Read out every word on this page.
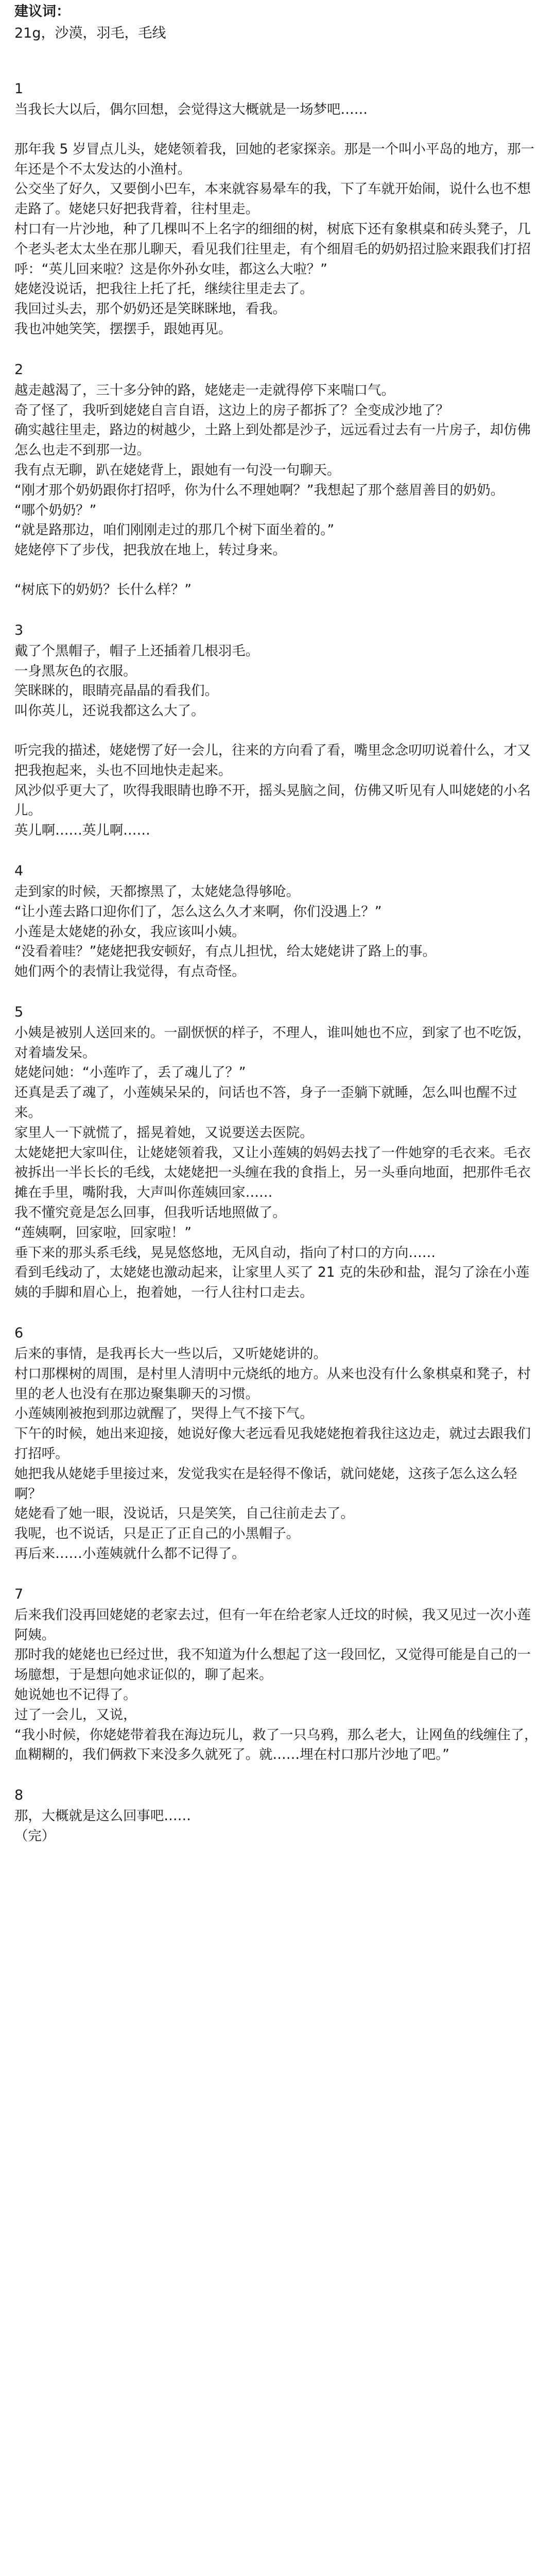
建议词：
21g，沙漠，羽毛，毛线
1

当我长大以后，偶尔回想，会觉得这大概就是一场梦吧……

那年我 5 岁冒点儿头，姥姥领着我，回她的老家探亲。那是一个叫小平岛的地方，那一年还是个不太发达的小渔村。

公交坐了好久，又要倒小巴车，本来就容易晕车的我，下了车就开始闹，说什么也不想走路了。姥姥只好把我背着，往村里走。

村口有一片沙地，种了几棵叫不上名字的细细的树，树底下还有象棋桌和砖头凳子，几个老头老太太坐在那儿聊天，看见我们往里走，有个细眉毛的奶奶招过脸来跟我们打招呼：“英儿回来啦？这是你外孙女哇，都这么大啦？”

姥姥没说话，把我往上托了托，继续往里走去了。

我回过头去，那个奶奶还是笑眯眯地，看我。

我也冲她笑笑，摆摆手，跟她再见。

2

越走越渴了，三十多分钟的路，姥姥走一走就得停下来喘口气。

奇了怪了，我听到姥姥自言自语，这边上的房子都拆了？全变成沙地了？

确实越往里走，路边的树越少，土路上到处都是沙子，远远看过去有一片房子，却仿佛怎么也走不到那一边。

我有点无聊，趴在姥姥背上，跟她有一句没一句聊天。

“刚才那个奶奶跟你打招呼，你为什么不理她啊？”我想起了那个慈眉善目的奶奶。

“哪个奶奶？”

“就是路那边，咱们刚刚走过的那几个树下面坐着的。”

姥姥停下了步伐，把我放在地上，转过身来。

“树底下的奶奶？长什么样？”

3

戴了个黑帽子，帽子上还插着几根羽毛。

一身黑灰色的衣服。

笑眯眯的，眼睛亮晶晶的看我们。

叫你英儿，还说我都这么大了。

听完我的描述，姥姥愣了好一会儿，往来的方向看了看，嘴里念念叨叨说着什么，才又把我抱起来，头也不回地快走起来。

风沙似乎更大了，吹得我眼睛也睁不开，摇头晃脑之间，仿佛又听见有人叫姥姥的小名儿。

英儿啊……英儿啊……

4

走到家的时候，天都擦黑了，太姥姥急得够呛。

“让小莲去路口迎你们了，怎么这么久才来啊，你们没遇上？”

小莲是太姥姥的孙女，我应该叫小姨。

“没看着哇？”姥姥把我安顿好，有点儿担忧，给太姥姥讲了路上的事。

她们两个的表情让我觉得，有点奇怪。

5

小姨是被别人送回来的。一副恹恹的样子，不理人，谁叫她也不应，到家了也不吃饭，对着墙发呆。

姥姥问她：“小莲咋了，丢了魂儿了？”

还真是丢了魂了，小莲姨呆呆的，问话也不答，身子一歪躺下就睡，怎么叫也醒不过来。

家里人一下就慌了，摇晃着她，又说要送去医院。

太姥姥把大家叫住，让姥姥领着我，又让小莲姨的妈妈去找了一件她穿的毛衣来。毛衣被拆出一半长长的毛线，太姥姥把一头缠在我的食指上，另一头垂向地面，把那件毛衣摊在手里，嘴附我，大声叫你莲姨回家……

我不懂究竟是怎么回事，但我听话地照做了。

“莲姨啊，回家啦，回家啦！”

垂下来的那头系毛线，晃晃悠悠地，无风自动，指向了村口的方向……

看到毛线动了，太姥姥也激动起来，让家里人买了 21 克的朱砂和盐，混匀了涂在小莲姨的手脚和眉心上，抱着她，一行人往村口走去。

6

后来的事情，是我再长大一些以后，又听姥姥讲的。

村口那棵树的周围，是村里人清明中元烧纸的地方。从来也没有什么象棋桌和凳子，村里的老人也没有在那边聚集聊天的习惯。

小莲姨刚被抱到那边就醒了，哭得上气不接下气。

下午的时候，她出来迎接，她说好像大老远看见我姥姥抱着我往这边走，就过去跟我们打招呼。

她把我从姥姥手里接过来，发觉我实在是轻得不像话，就问姥姥，这孩子怎么这么轻啊？

姥姥看了她一眼，没说话，只是笑笑，自己往前走去了。

我呢，也不说话，只是正了正自己的小黑帽子。

再后来……小莲姨就什么都不记得了。

7

后来我们没再回姥姥的老家去过，但有一年在给老家人迁坟的时候，我又见过一次小莲阿姨。

那时我的姥姥也已经过世，我不知道为什么想起了这一段回忆，又觉得可能是自己的一场臆想，于是想向她求证似的，聊了起来。

她说她也不记得了。

过了一会儿，又说，

“我小时候，你姥姥带着我在海边玩儿，救了一只乌鸦，那么老大，让网鱼的线缠住了，血糊糊的，我们俩救下来没多久就死了。就……埋在村口那片沙地了吧。”

8

那，大概就是这么回事吧……

（完）
